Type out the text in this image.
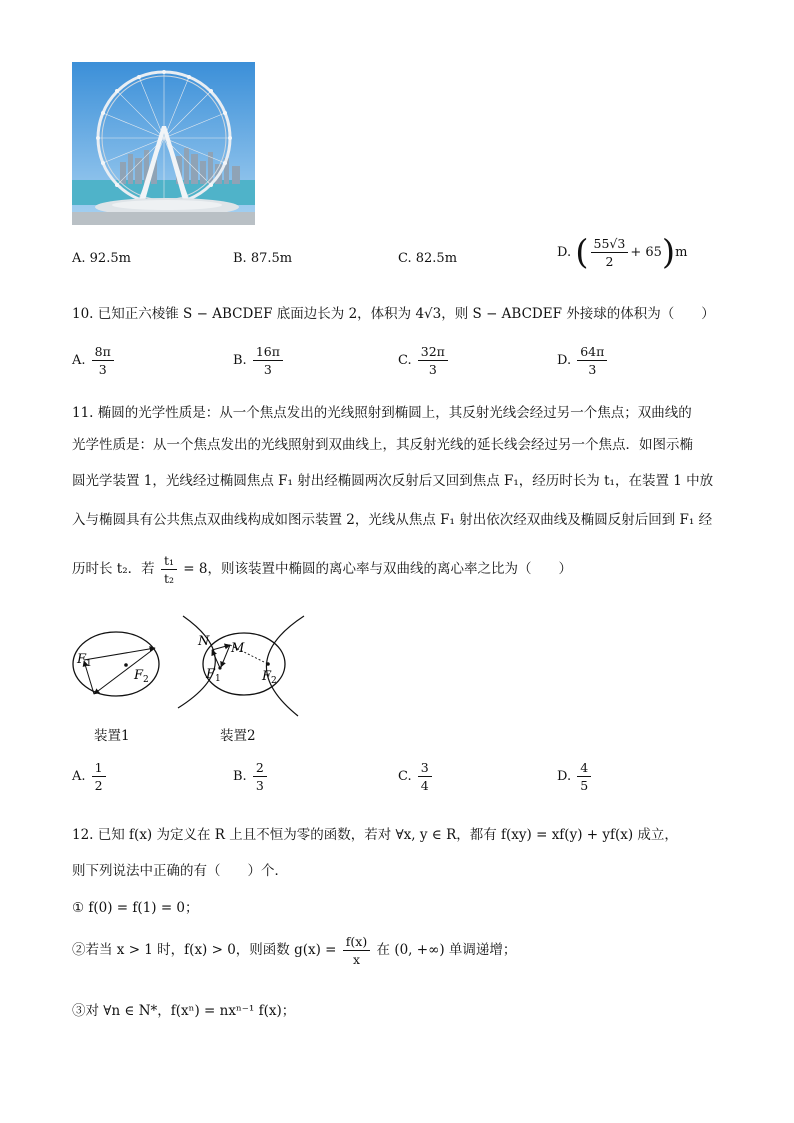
A. 92.5m	B. 87.5m	C. 82.5m	D. ( $\frac{55√3}{2} + 65)m$
10. 已知正六棱锥 S − ABCDEF 底面边长为 2，体积为 4√3，则 S − ABCDEF 外接球的体积为（　　）
A. $\frac{8\pi}{3}$	B. $\frac{16\pi}{3}$	C. $\frac{32\pi}{3}$	D. $\frac{64\pi}{3}$
11. 椭圆的光学性质是：从一个焦点发出的光线照射到椭圆上，其反射光线会经过另一个焦点；双曲线的
光学性质是：从一个焦点发出的光线照射到双曲线上，其反射光线的延长线会经过另一个焦点．如图示椭
圆光学装置 1，光线经过椭圆焦点 F₁ 射出经椭圆两次反射后又回到焦点 F₁，经历时长为 t₁，在装置 1 中放
入与椭圆具有公共焦点双曲线构成如图示装置 2，光线从焦点 F₁ 射出依次经双曲线及椭圆反射后回到 F₁ 经
历时长 t₂．若 $\frac{\text{t₁}}{\text{t₂}} = 8$，则该装置中椭圆的离心率与双曲线的离心率之比为（　　）
$F_1$
$F_2$
N M
$F_1$	$F_2$
装置1	装置2
A. $\frac{1}{2}$	B. $\frac{2}{3}$	C. $\frac{3}{4}$	D. $\frac{4}{5}$
12. 已知 f(x) 为定义在 R 上且不恒为零的函数，若对 ∀x, y ∈ R，都有 f(xy) = xf(y) + yf(x) 成立，
则下列说法中正确的有（　　）个．
① f(0) = f(1) = 0；
②若当 x > 1 时，f(x) > 0，则函数 $g(x) = \frac{f(x)}{x}$ 在 (0, +∞) 单调递增；
③对 ∀n ∈ N*，f(xⁿ) = nxⁿ⁻¹ f(x)；
